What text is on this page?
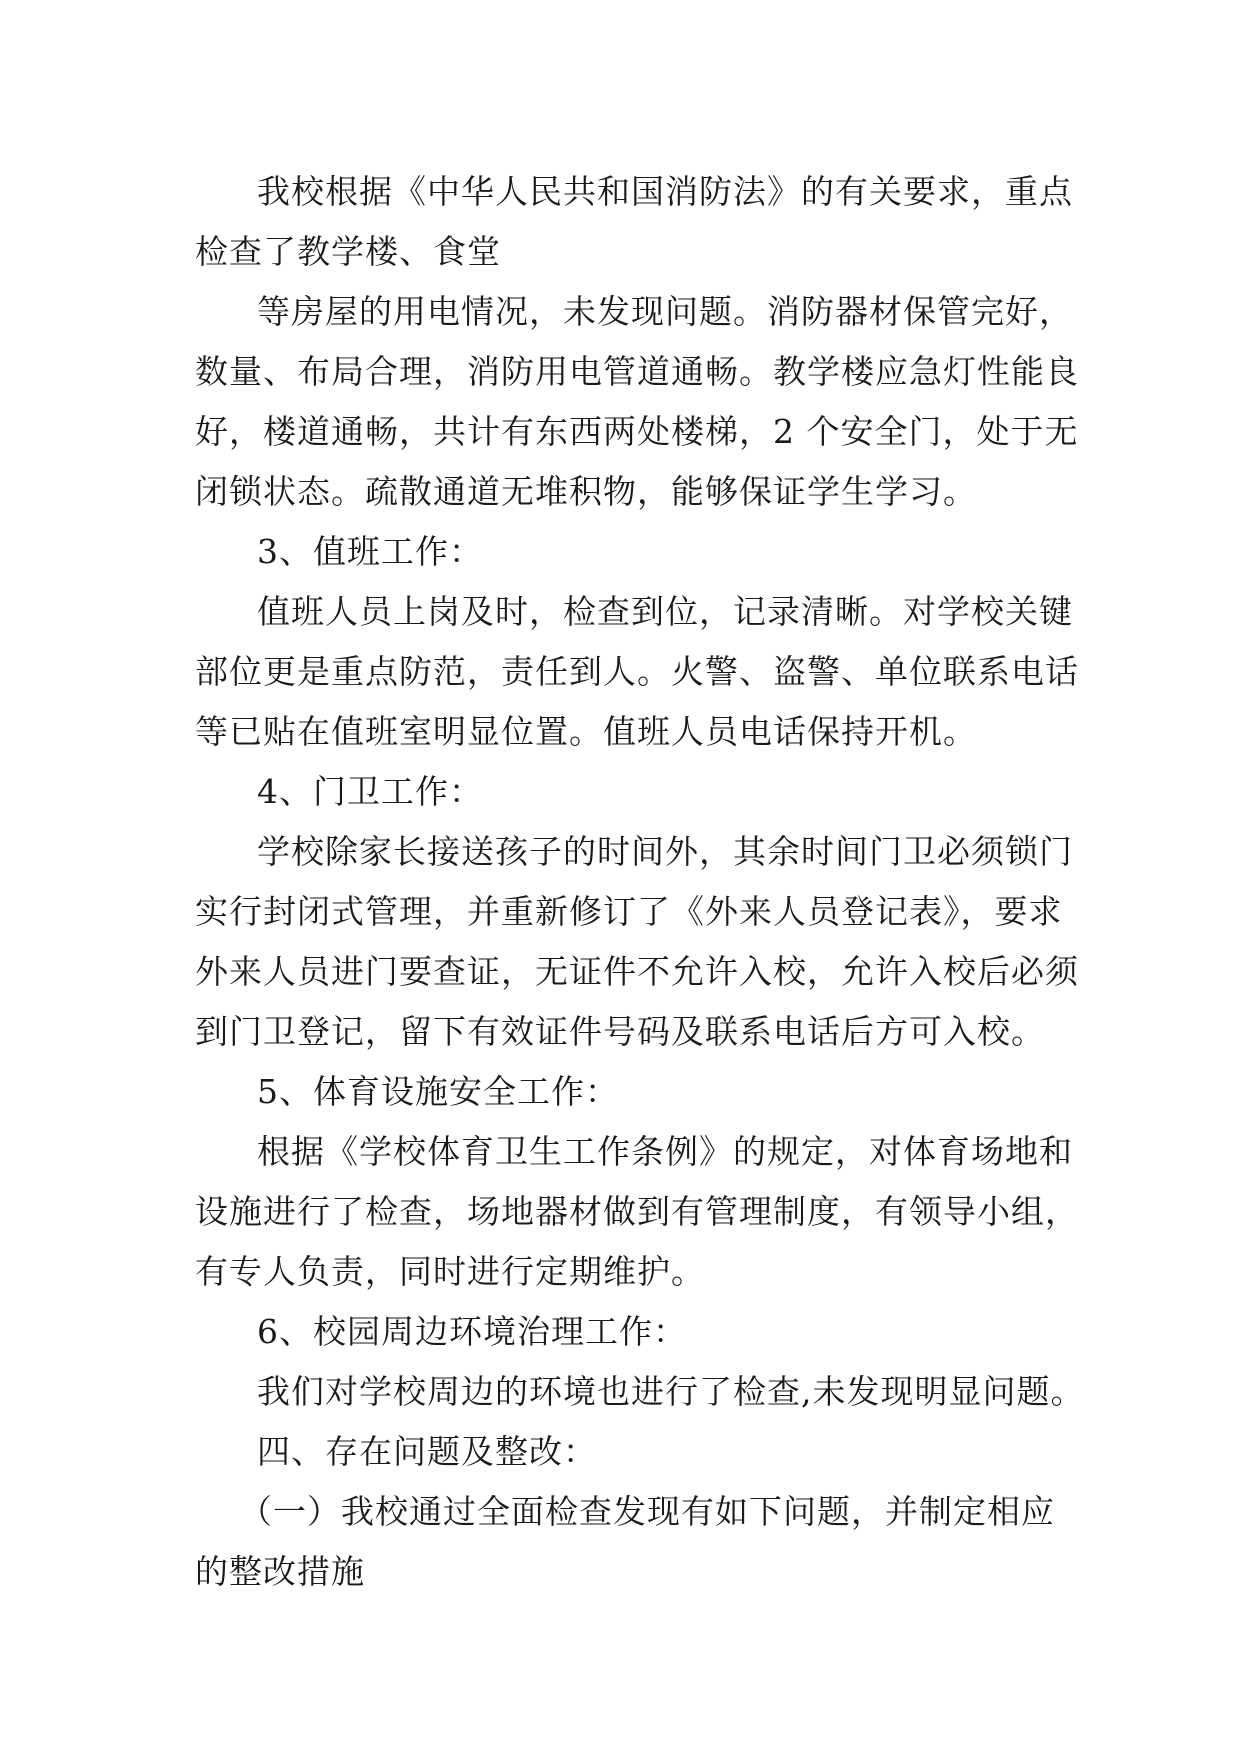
我校根据《中华人民共和国消防法》的有关要求，重点
检查了教学楼、食堂
等房屋的用电情况，未发现问题。消防器材保管完好，
数量、布局合理，消防用电管道通畅。教学楼应急灯性能良
好，楼道通畅，共计有东西两处楼梯，2 个安全门，处于无
闭锁状态。疏散通道无堆积物，能够保证学生学习。
3、值班工作：
值班人员上岗及时，检查到位，记录清晰。对学校关键
部位更是重点防范，责任到人。火警、盗警、单位联系电话
等已贴在值班室明显位置。值班人员电话保持开机。
4、门卫工作：
学校除家长接送孩子的时间外，其余时间门卫必须锁门
实行封闭式管理，并重新修订了《外来人员登记表》，要求
外来人员进门要查证，无证件不允许入校，允许入校后必须
到门卫登记，留下有效证件号码及联系电话后方可入校。
5、体育设施安全工作：
根据《学校体育卫生工作条例》的规定，对体育场地和
设施进行了检查，场地器材做到有管理制度，有领导小组，
有专人负责，同时进行定期维护。
6、校园周边环境治理工作：
我们对学校周边的环境也进行了检查,未发现明显问题。
四、存在问题及整改：
（一）我校通过全面检查发现有如下问题，并制定相应
的整改措施
